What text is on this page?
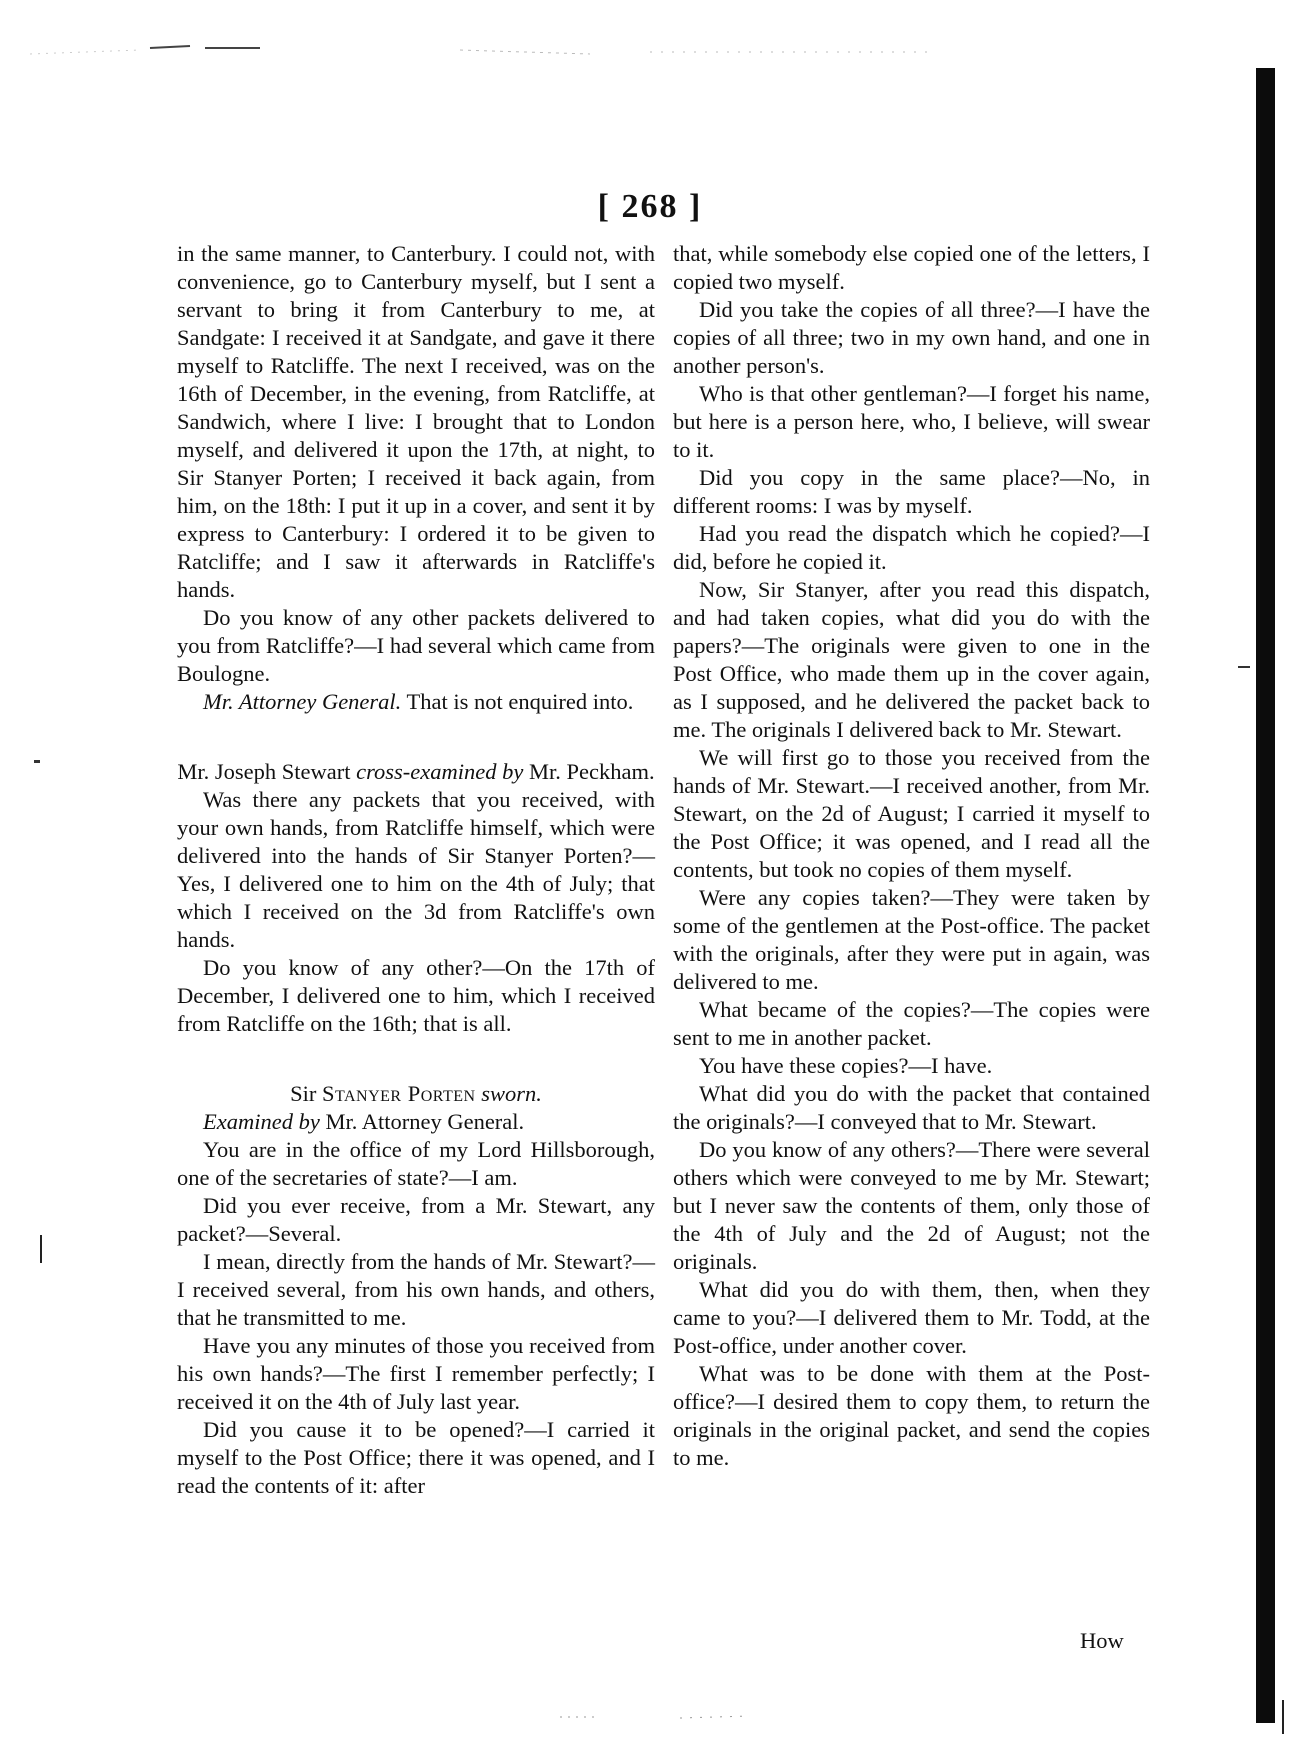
[ 268 ]

in the same manner, to Canterbury. I could not, with convenience, go to Canterbury myself, but I sent a servant to bring it from Canterbury to me, at Sandgate: I received it at Sandgate, and gave it there myself to Ratcliffe. The next I received, was on the 16th of December, in the evening, from Ratcliffe, at Sandwich, where I live: I brought that to London myself, and delivered it upon the 17th, at night, to Sir Stanyer Porten; I received it back again, from him, on the 18th: I put it up in a cover, and sent it by express to Canterbury: I ordered it to be given to Ratcliffe; and I saw it afterwards in Ratcliffe's hands.

Do you know of any other packets delivered to you from Ratcliffe?—I had several which came from Boulogne.

Mr. Attorney General. That is not enquired into.

Mr. Joseph Stewart cross-examined by Mr. Peckham.

Was there any packets that you received, with your own hands, from Ratcliffe himself, which were delivered into the hands of Sir Stanyer Porten?—Yes, I delivered one to him on the 4th of July; that which I received on the 3d from Ratcliffe's own hands.

Do you know of any other?—On the 17th of December, I delivered one to him, which I received from Ratcliffe on the 16th; that is all.

Sir Stanyer Porten sworn.

Examined by Mr. Attorney General.

You are in the office of my Lord Hillsborough, one of the secretaries of state?—I am.

Did you ever receive, from a Mr. Stewart, any packet?—Several.

I mean, directly from the hands of Mr. Stewart?—I received several, from his own hands, and others, that he transmitted to me.

Have you any minutes of those you received from his own hands?—The first I remember perfectly; I received it on the 4th of July last year.

Did you cause it to be opened?—I carried it myself to the Post Office; there it was opened, and I read the contents of it: after

that, while somebody else copied one of the letters, I copied two myself.

Did you take the copies of all three?—I have the copies of all three; two in my own hand, and one in another person's.

Who is that other gentleman?—I forget his name, but here is a person here, who, I believe, will swear to it.

Did you copy in the same place?—No, in different rooms: I was by myself.

Had you read the dispatch which he copied?—I did, before he copied it.

Now, Sir Stanyer, after you read this dispatch, and had taken copies, what did you do with the papers?—The originals were given to one in the Post Office, who made them up in the cover again, as I supposed, and he delivered the packet back to me. The originals I delivered back to Mr. Stewart.

We will first go to those you received from the hands of Mr. Stewart.—I received another, from Mr. Stewart, on the 2d of August; I carried it myself to the Post Office; it was opened, and I read all the contents, but took no copies of them myself.

Were any copies taken?—They were taken by some of the gentlemen at the Post-office. The packet with the originals, after they were put in again, was delivered to me.

What became of the copies?—The copies were sent to me in another packet.

You have these copies?—I have.

What did you do with the packet that contained the originals?—I conveyed that to Mr. Stewart.

Do you know of any others?—There were several others which were conveyed to me by Mr. Stewart; but I never saw the contents of them, only those of the 4th of July and the 2d of August; not the originals.

What did you do with them, then, when they came to you?—I delivered them to Mr. Todd, at the Post-office, under another cover.

What was to be done with them at the Post-office?—I desired them to copy them, to return the originals in the original packet, and send the copies to me.

How
